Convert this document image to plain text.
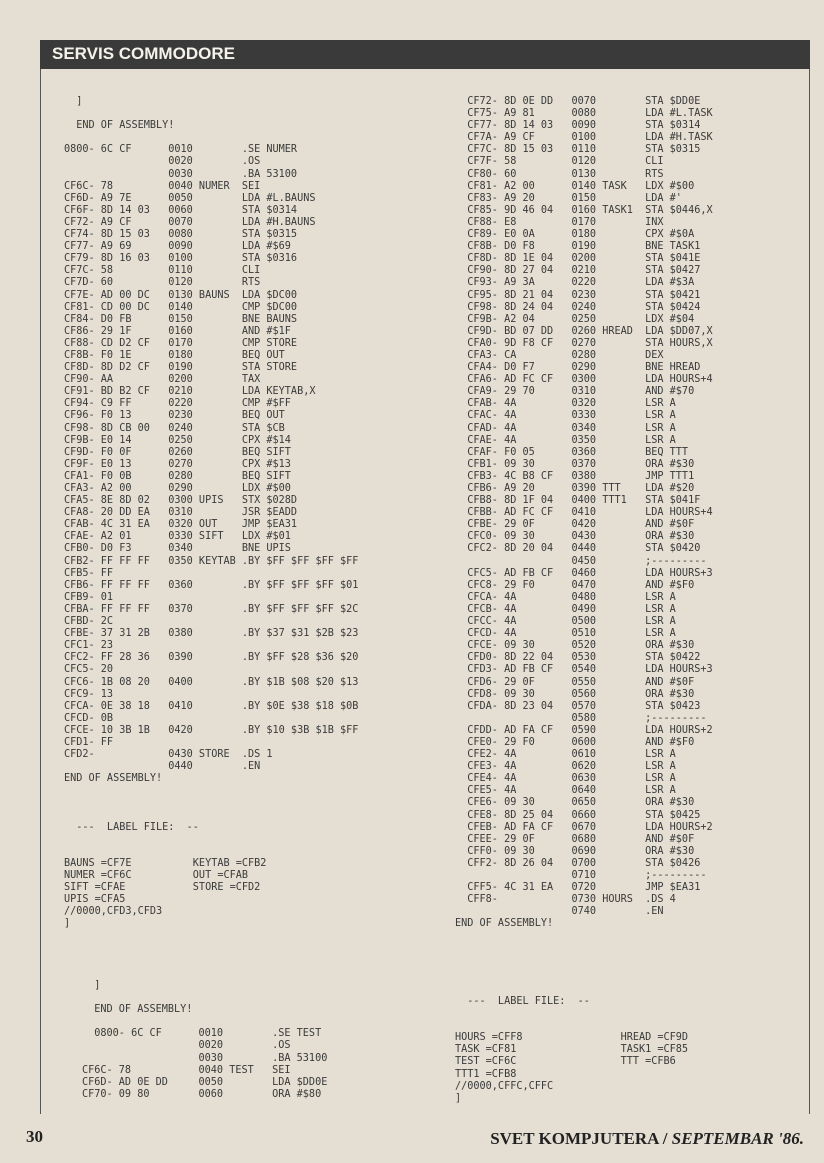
SERVIS COMMODORE
]
END OF ASSEMBLY!
0800- 6C CF      0010        .SE NUMER
0020        .OS
0030        .BA 53100
CF6C- 78         0040 NUMER  SEI
CF6D- A9 7E      0050        LDA #L.BAUNS
CF6F- 8D 14 03   0060        STA $0314
CF72- A9 CF      0070        LDA #H.BAUNS
CF74- 8D 15 03   0080        STA $0315
CF77- A9 69      0090        LDA #$69
CF79- 8D 16 03   0100        STA $0316
CF7C- 58         0110        CLI
CF7D- 60         0120        RTS
CF7E- AD 00 DC   0130 BAUNS  LDA $DC00
CF81- CD 00 DC   0140        CMP $DC00
CF84- D0 FB      0150        BNE BAUNS
CF86- 29 1F      0160        AND #$1F
CF88- CD D2 CF   0170        CMP STORE
CF8B- F0 1E      0180        BEQ OUT
CF8D- 8D D2 CF   0190        STA STORE
CF90- AA         0200        TAX
CF91- BD B2 CF   0210        LDA KEYTAB,X
CF94- C9 FF      0220        CMP #$FF
CF96- F0 13      0230        BEQ OUT
CF98- 8D CB 00   0240        STA $CB
CF9B- E0 14      0250        CPX #$14
CF9D- F0 0F      0260        BEQ SIFT
CF9F- E0 13      0270        CPX #$13
CFA1- F0 0B      0280        BEQ SIFT
CFA3- A2 00      0290        LDX #$00
CFA5- 8E 8D 02   0300 UPIS   STX $028D
CFA8- 20 DD EA   0310        JSR $EADD
CFAB- 4C 31 EA   0320 OUT    JMP $EA31
CFAE- A2 01      0330 SIFT   LDX #$01
CFB0- D0 F3      0340        BNE UPIS
CFB2- FF FF FF   0350 KEYTAB .BY $FF $FF $FF $FF
CFB5- FF
CFB6- FF FF FF   0360        .BY $FF $FF $FF $01
CFB9- 01
CFBA- FF FF FF   0370        .BY $FF $FF $FF $2C
CFBD- 2C
CFBE- 37 31 2B   0380        .BY $37 $31 $2B $23
CFC1- 23
CFC2- FF 28 36   0390        .BY $FF $28 $36 $20
CFC5- 20
CFC6- 1B 08 20   0400        .BY $1B $08 $20 $13
CFC9- 13
CFCA- 0E 38 18   0410        .BY $0E $38 $18 $0B
CFCD- 0B
CFCE- 10 3B 1B   0420        .BY $10 $3B $1B $FF
CFD1- FF
CFD2-            0430 STORE  .DS 1
0440        .EN
END OF ASSEMBLY!
---  LABEL FILE:  --
BAUNS =CF7E          KEYTAB =CFB2
NUMER =CF6C          OUT =CFAB
SIFT =CFAE           STORE =CFD2
UPIS =CFA5
//0000,CFD3,CFD3
]
CF72- 8D 0E DD   0070        STA $DD0E
CF75- A9 81      0080        LDA #L.TASK
CF77- 8D 14 03   0090        STA $0314
CF7A- A9 CF      0100        LDA #H.TASK
CF7C- 8D 15 03   0110        STA $0315
CF7F- 58         0120        CLI
CF80- 60         0130        RTS
CF81- A2 00      0140 TASK   LDX #$00
CF83- A9 20      0150        LDA #'
CF85- 9D 46 04   0160 TASK1  STA $0446,X
CF88- E8         0170        INX
CF89- E0 0A      0180        CPX #$0A
CF8B- D0 F8      0190        BNE TASK1
CF8D- 8D 1E 04   0200        STA $041E
CF90- 8D 27 04   0210        STA $0427
CF93- A9 3A      0220        LDA #$3A
CF95- 8D 21 04   0230        STA $0421
CF98- 8D 24 04   0240        STA $0424
CF9B- A2 04      0250        LDX #$04
CF9D- BD 07 DD   0260 HREAD  LDA $DD07,X
CFA0- 9D F8 CF   0270        STA HOURS,X
CFA3- CA         0280        DEX
CFA4- D0 F7      0290        BNE HREAD
CFA6- AD FC CF   0300        LDA HOURS+4
CFA9- 29 70      0310        AND #$70
CFAB- 4A         0320        LSR A
CFAC- 4A         0330        LSR A
CFAD- 4A         0340        LSR A
CFAE- 4A         0350        LSR A
CFAF- F0 05      0360        BEQ TTT
CFB1- 09 30      0370        ORA #$30
CFB3- 4C B8 CF   0380        JMP TTT1
CFB6- A9 20      0390 TTT    LDA #$20
CFB8- 8D 1F 04   0400 TTT1   STA $041F
CFBB- AD FC CF   0410        LDA HOURS+4
CFBE- 29 0F      0420        AND #$0F
CFC0- 09 30      0430        ORA #$30
CFC2- 8D 20 04   0440        STA $0420
0450        ;---------
CFC5- AD FB CF   0460        LDA HOURS+3
CFC8- 29 F0      0470        AND #$F0
CFCA- 4A         0480        LSR A
CFCB- 4A         0490        LSR A
CFCC- 4A         0500        LSR A
CFCD- 4A         0510        LSR A
CFCE- 09 30      0520        ORA #$30
CFD0- 8D 22 04   0530        STA $0422
CFD3- AD FB CF   0540        LDA HOURS+3
CFD6- 29 0F      0550        AND #$0F
CFD8- 09 30      0560        ORA #$30
CFDA- 8D 23 04   0570        STA $0423
0580        ;---------
CFDD- AD FA CF   0590        LDA HOURS+2
CFE0- 29 F0      0600        AND #$F0
CFE2- 4A         0610        LSR A
CFE3- 4A         0620        LSR A
CFE4- 4A         0630        LSR A
CFE5- 4A         0640        LSR A
CFE6- 09 30      0650        ORA #$30
CFE8- 8D 25 04   0660        STA $0425
CFEB- AD FA CF   0670        LDA HOURS+2
CFEE- 29 0F      0680        AND #$0F
CFF0- 09 30      0690        ORA #$30
CFF2- 8D 26 04   0700        STA $0426
0710        ;---------
CFF5- 4C 31 EA   0720        JMP $EA31
CFF8-            0730 HOURS  .DS 4
0740        .EN
END OF ASSEMBLY!
]
END OF ASSEMBLY!
0800- 6C CF      0010        .SE TEST
0020        .OS
0030        .BA 53100
CF6C- 78           0040 TEST   SEI
CF6D- AD 0E DD     0050        LDA $DD0E
CF70- 09 80        0060        ORA #$80
---  LABEL FILE:  --
HOURS =CFF8                HREAD =CF9D
TASK =CF81                 TASK1 =CF85
TEST =CF6C                 TTT =CFB6
TTT1 =CFB8
//0000,CFFC,CFFC
]
30	SVET KOMPJUTERA / SEPTEMBAR '86.
